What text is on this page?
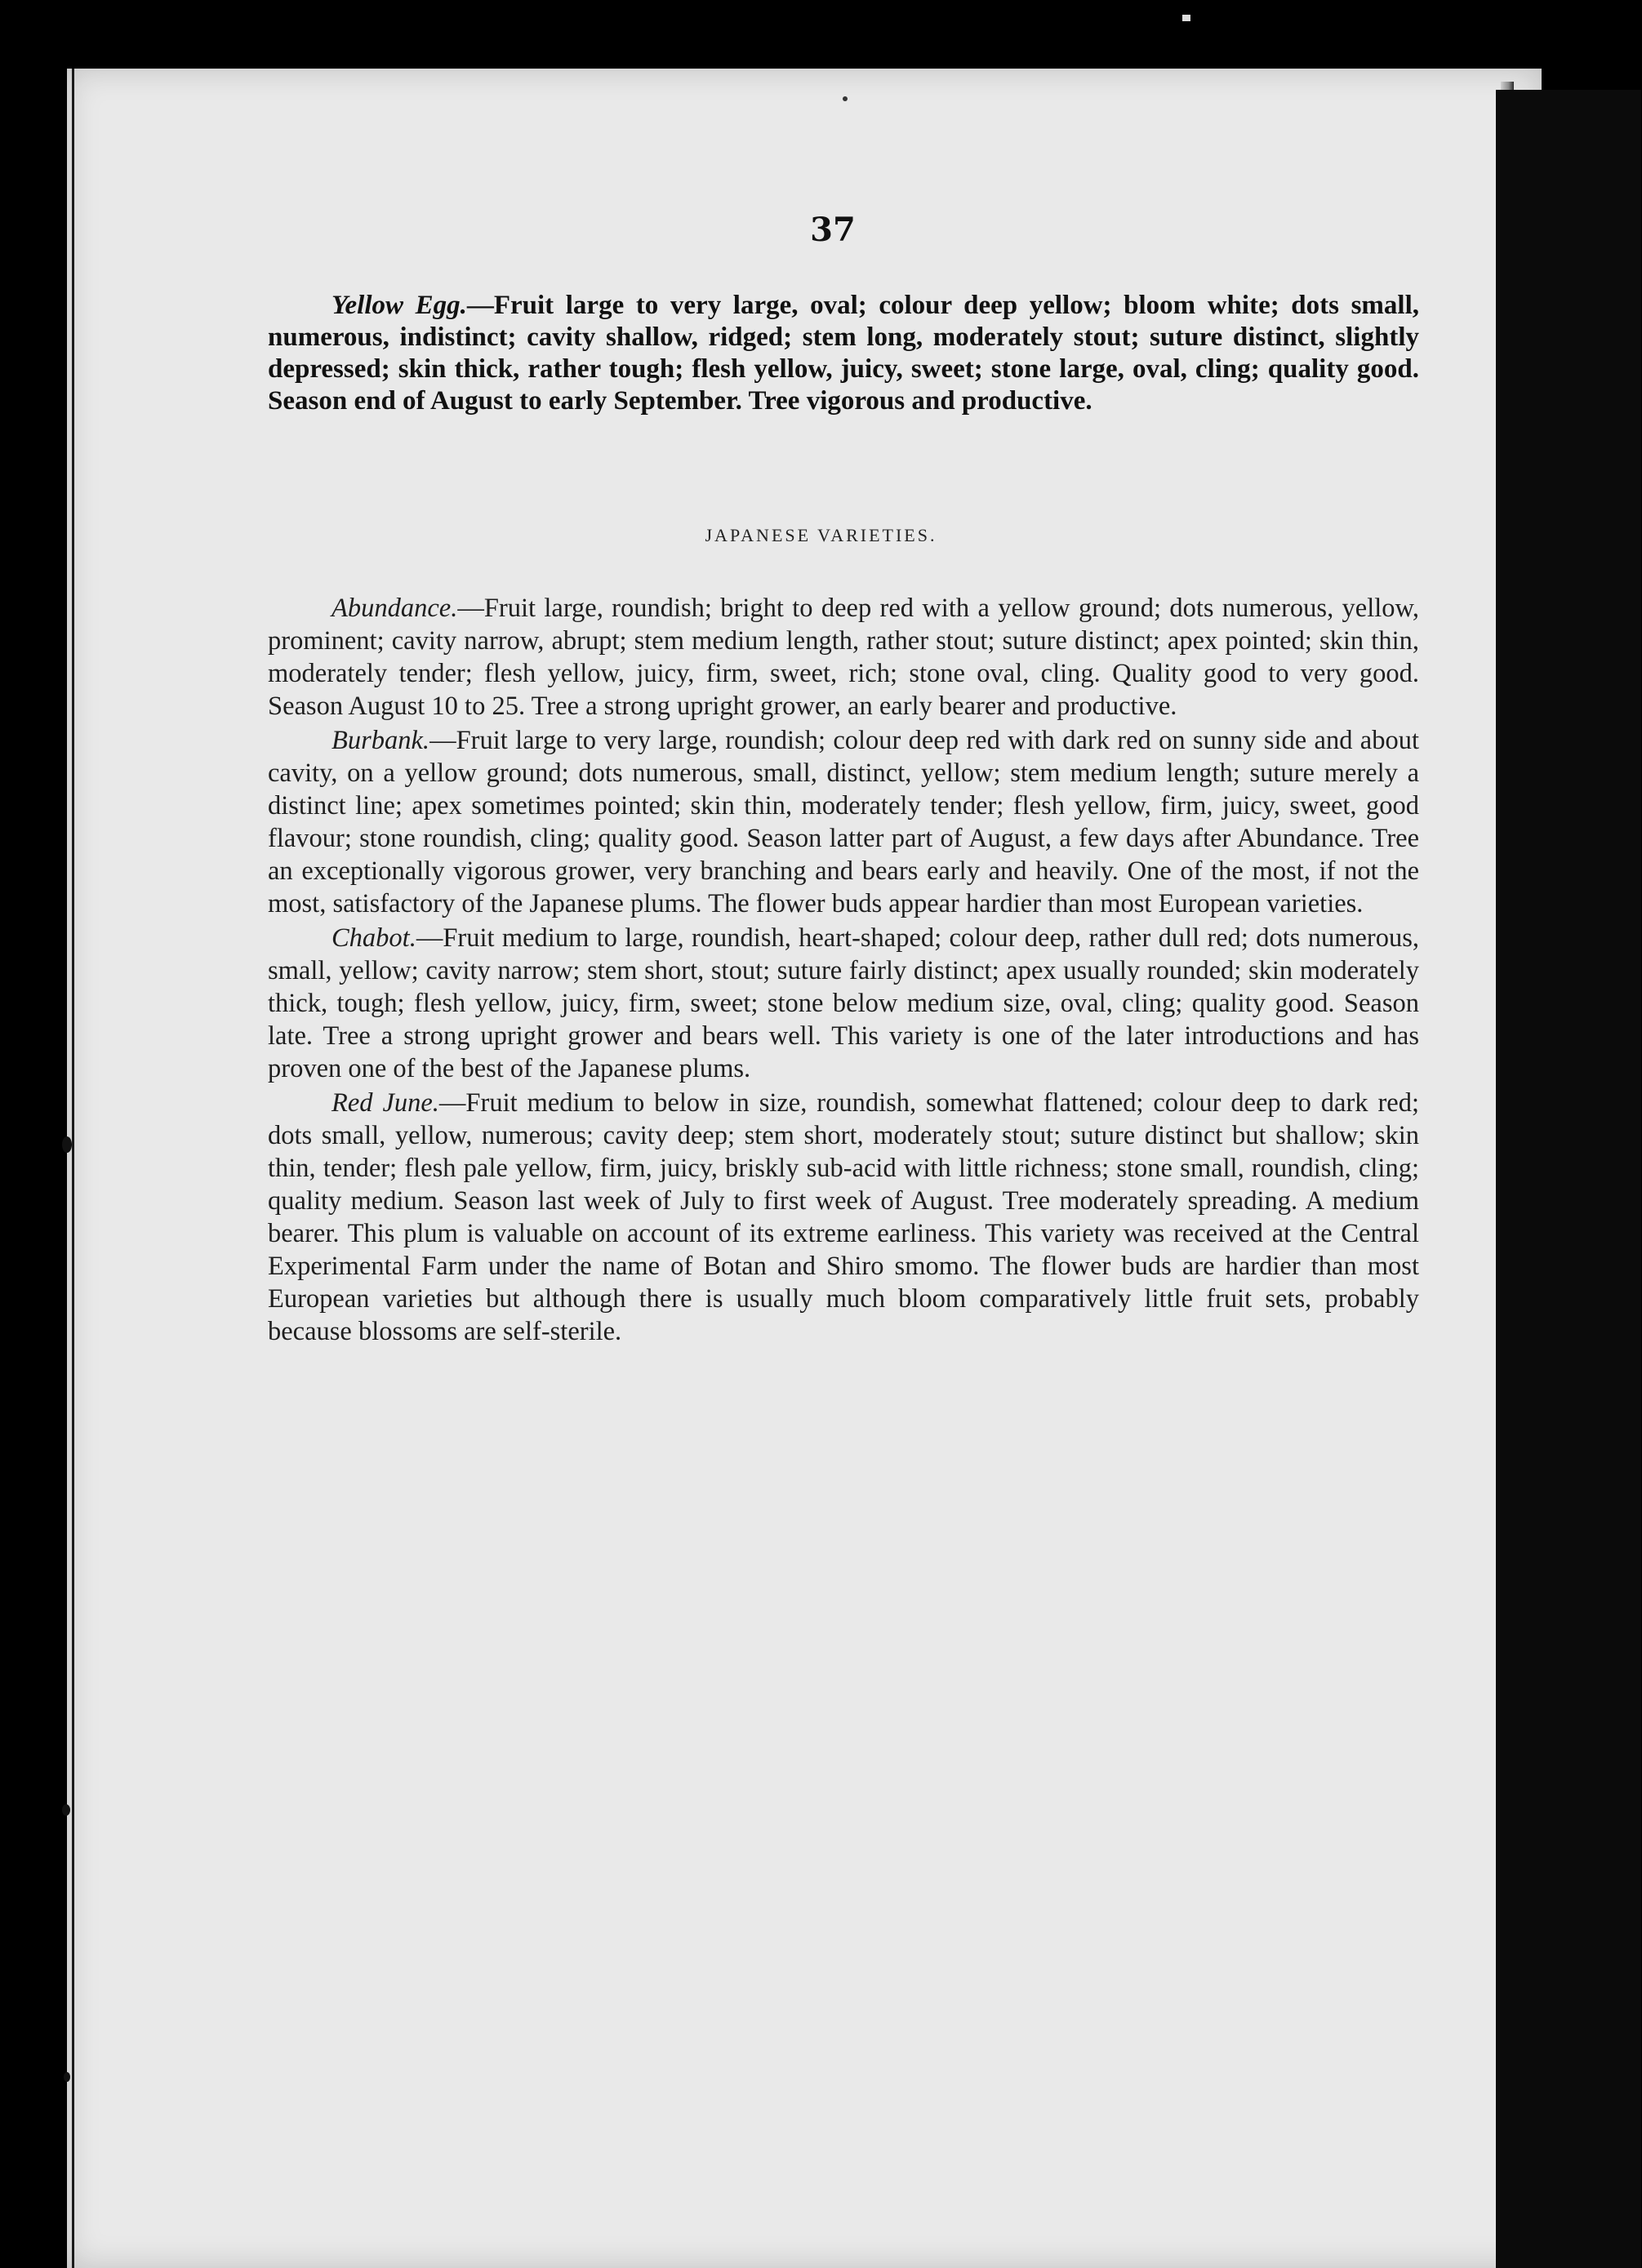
37

Yellow Egg.—Fruit large to very large, oval; colour deep yellow; bloom white; dots small, numerous, indistinct; cavity shallow, ridged; stem long, moderately stout; suture distinct, slightly depressed; skin thick, rather tough; flesh yellow, juicy, sweet; stone large, oval, cling; quality good. Season end of August to early September. Tree vigorous and productive.

JAPANESE VARIETIES.

Abundance.—Fruit large, roundish; bright to deep red with a yellow ground; dots numerous, yellow, prominent; cavity narrow, abrupt; stem medium length, rather stout; suture distinct; apex pointed; skin thin, moderately tender; flesh yellow, juicy, firm, sweet, rich; stone oval, cling. Quality good to very good. Season August 10 to 25. Tree a strong upright grower, an early bearer and productive.

Burbank.—Fruit large to very large, roundish; colour deep red with dark red on sunny side and about cavity, on a yellow ground; dots numerous, small, distinct, yellow; stem medium length; suture merely a distinct line; apex sometimes pointed; skin thin, moderately tender; flesh yellow, firm, juicy, sweet, good flavour; stone roundish, cling; quality good. Season latter part of August, a few days after Abundance. Tree an exceptionally vigorous grower, very branching and bears early and heavily. One of the most, if not the most, satisfactory of the Japanese plums. The flower buds appear hardier than most European varieties.

Chabot.—Fruit medium to large, roundish, heart-shaped; colour deep, rather dull red; dots numerous, small, yellow; cavity narrow; stem short, stout; suture fairly distinct; apex usually rounded; skin moderately thick, tough; flesh yellow, juicy, firm, sweet; stone below medium size, oval, cling; quality good. Season late. Tree a strong upright grower and bears well. This variety is one of the later introductions and has proven one of the best of the Japanese plums.

Red June.—Fruit medium to below in size, roundish, somewhat flattened; colour deep to dark red; dots small, yellow, numerous; cavity deep; stem short, moderately stout; suture distinct but shallow; skin thin, tender; flesh pale yellow, firm, juicy, briskly sub-acid with little richness; stone small, roundish, cling; quality medium. Season last week of July to first week of August. Tree moderately spreading. A medium bearer. This plum is valuable on account of its extreme earliness. This variety was received at the Central Experimental Farm under the name of Botan and Shiro smomo. The flower buds are hardier than most European varieties but although there is usually much bloom comparatively little fruit sets, probably because blossoms are self-sterile.
